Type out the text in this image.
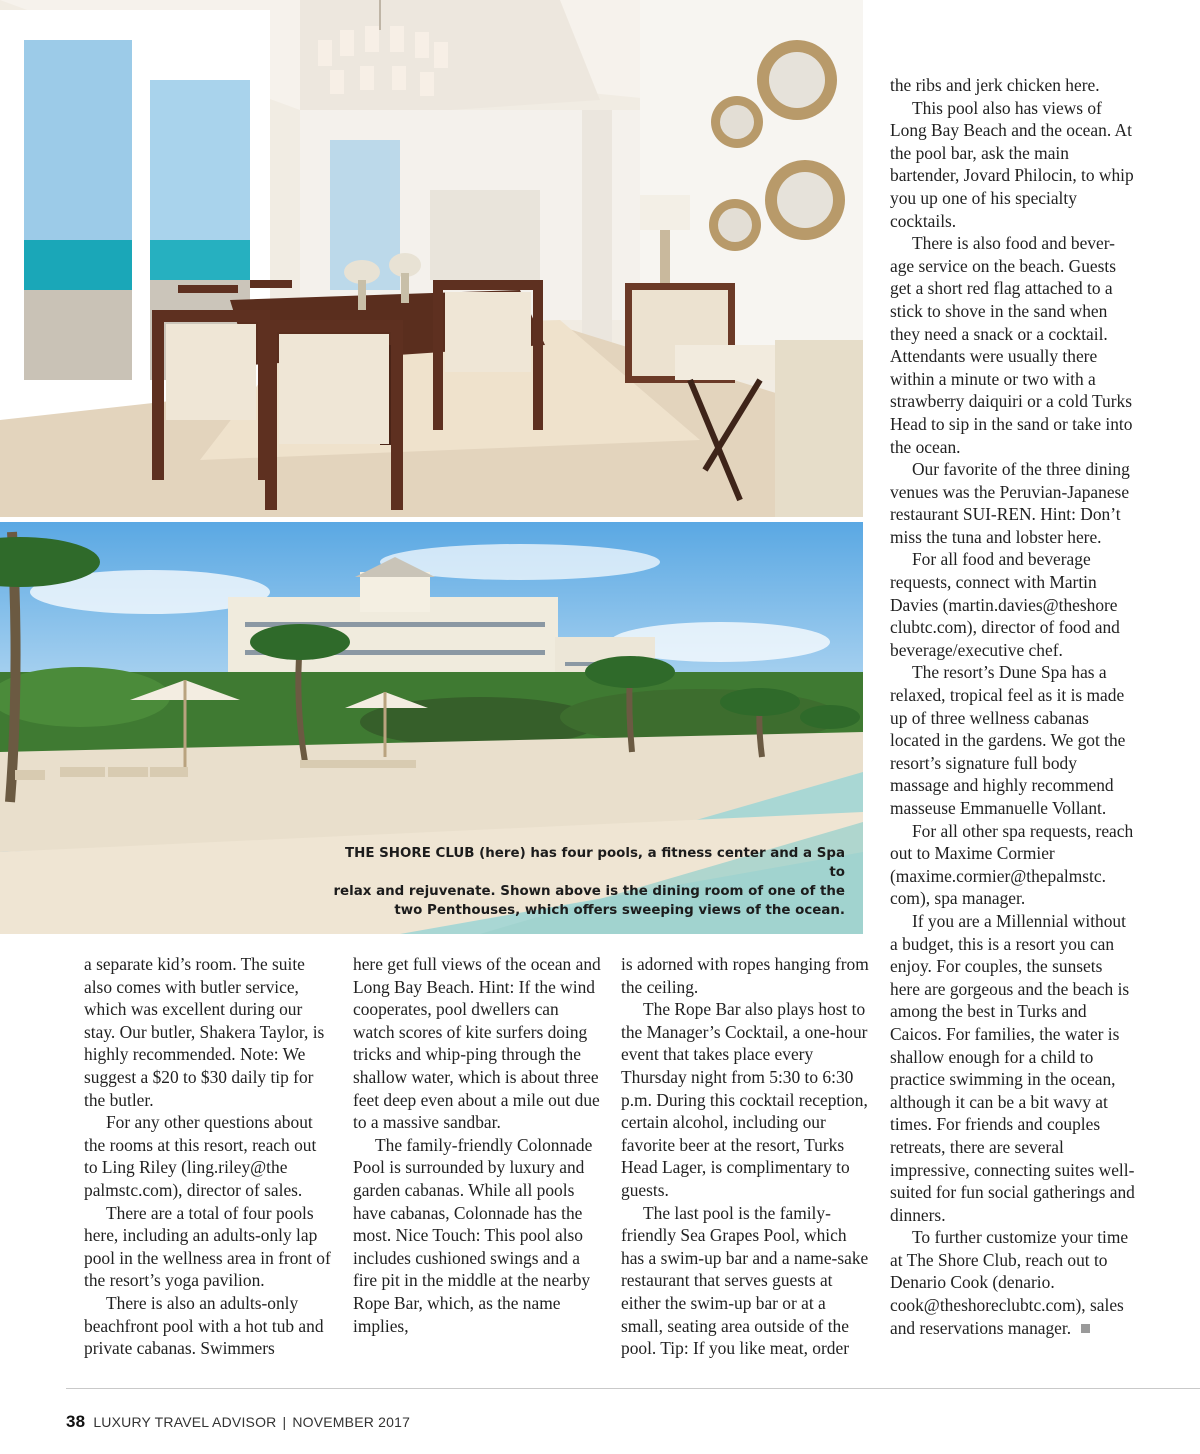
THE SHORE CLUB (here) has four pools, a fitness center and a Spa to

relax and rejuvenate. Shown above is the dining room of one of the

two Penthouses, which offers sweeping views of the ocean.

the ribs and jerk chicken here.

This pool also has views of Long Bay Beach and the ocean. At the pool bar, ask the main bartender, Jovard Philocin, to whip you up one of his specialty cocktails.

There is also food and bever-age service on the beach. Guests get a short red flag attached to a stick to shove in the sand when they need a snack or a cocktail. Attendants were usually there within a minute or two with a strawberry daiquiri or a cold Turks Head to sip in the sand or take into the ocean.

Our favorite of the three dining venues was the Peruvian-Japanese restaurant SUI-REN. Hint: Don’t miss the tuna and lobster here.

For all food and beverage requests, connect with Martin Davies (martin.davies@theshore clubtc.com), director of food and beverage/executive chef.

The resort’s Dune Spa has a relaxed, tropical feel as it is made up of three wellness cabanas located in the gardens. We got the resort’s signature full body massage and highly recommend masseuse Emmanuelle Vollant.

For all other spa requests, reach out to Maxime Cormier (maxime.cormier@thepalmstc. com), spa manager.

If you are a Millennial without a budget, this is a resort you can enjoy. For couples, the sunsets here are gorgeous and the beach is among the best in Turks and Caicos. For families, the water is shallow enough for a child to practice swimming in the ocean, although it can be a bit wavy at times. For friends and couples retreats, there are several impressive, connecting suites well-suited for fun social gatherings and dinners.

To further customize your time at The Shore Club, reach out to Denario Cook (denario. cook@theshoreclubtc.com), sales and reservations manager.

a separate kid’s room. The suite also comes with butler service, which was excellent during our stay. Our butler, Shakera Taylor, is highly recommended. Note: We suggest a $20 to $30 daily tip for the butler.

For any other questions about the rooms at this resort, reach out to Ling Riley (ling.riley@the palmstc.com), director of sales.

There are a total of four pools here, including an adults-only lap pool in the wellness area in front of the resort’s yoga pavilion.

There is also an adults-only beachfront pool with a hot tub and private cabanas. Swimmers

here get full views of the ocean and Long Bay Beach. Hint: If the wind cooperates, pool dwellers can watch scores of kite surfers doing tricks and whip-ping through the shallow water, which is about three feet deep even about a mile out due to a massive sandbar.

The family-friendly Colonnade Pool is surrounded by luxury and garden cabanas. While all pools have cabanas, Colonnade has the most. Nice Touch: This pool also includes cushioned swings and a fire pit in the middle at the nearby Rope Bar, which, as the name implies,

is adorned with ropes hanging from the ceiling.

The Rope Bar also plays host to the Manager’s Cocktail, a one-hour event that takes place every Thursday night from 5:30 to 6:30 p.m. During this cocktail reception, certain alcohol, including our favorite beer at the resort, Turks Head Lager, is complimentary to guests.

The last pool is the family-friendly Sea Grapes Pool, which has a swim-up bar and a name-sake restaurant that serves guests at either the swim-up bar or at a small, seating area outside of the pool. Tip: If you like meat, order

38 LUXURY TRAVEL ADVISOR | NOVEMBER 2017
